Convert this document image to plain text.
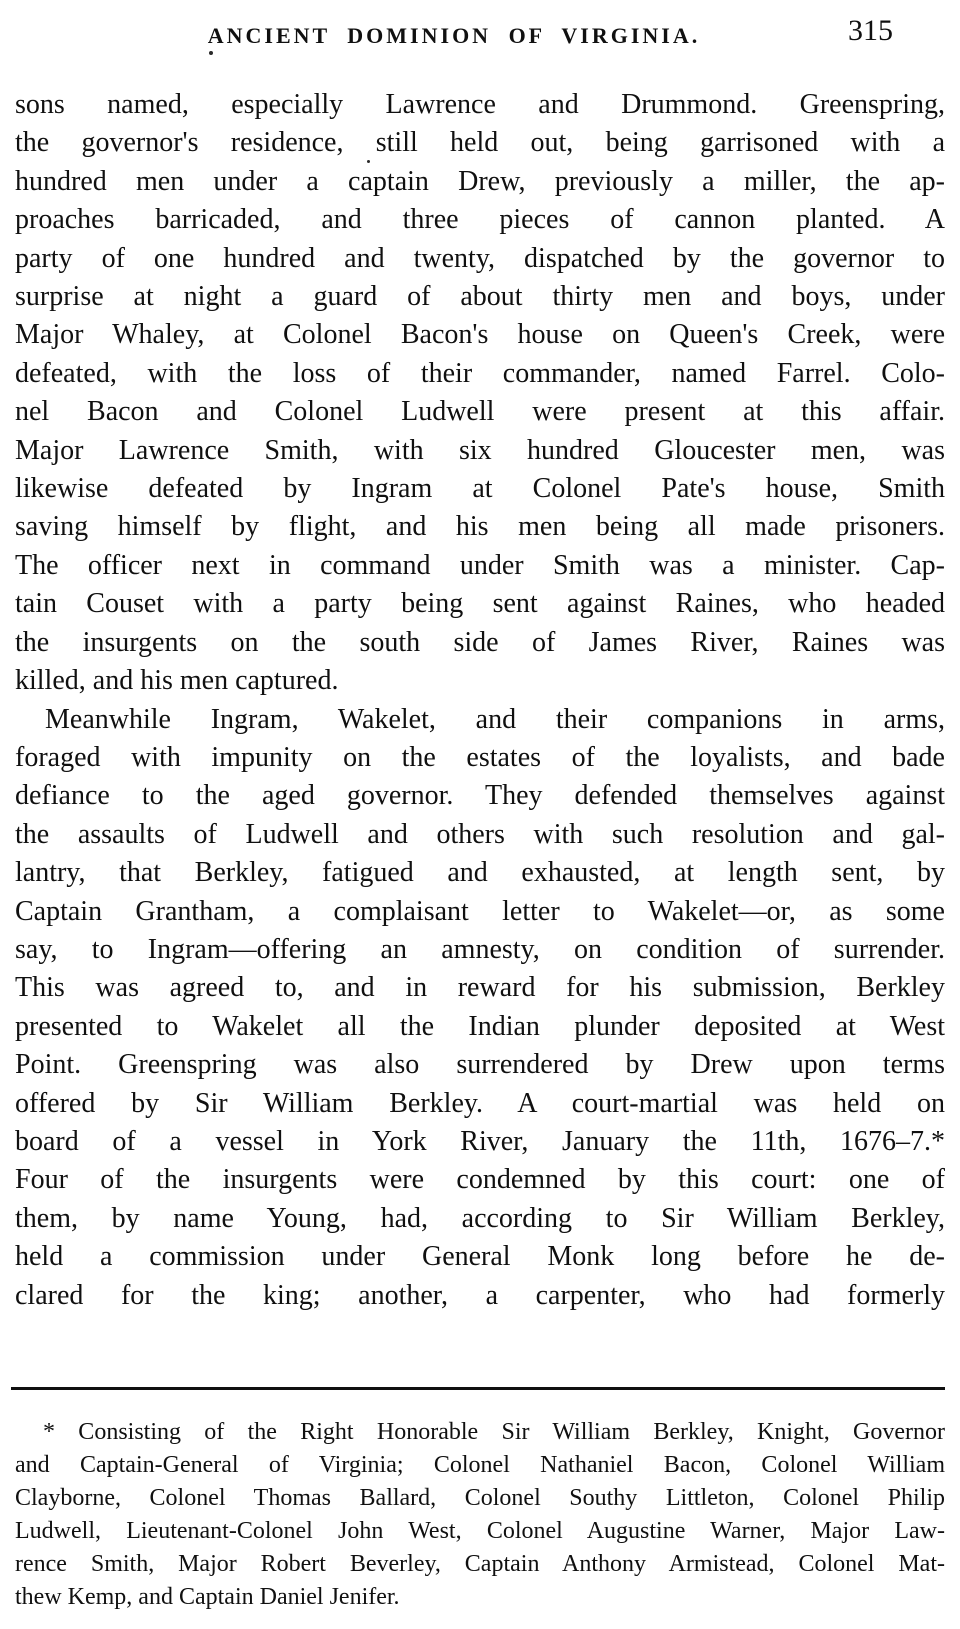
ANCIENT DOMINION OF VIRGINIA.	315
sons named, especially Lawrence and Drummond. Greenspring,
the governor's residence, still held out, being garrisoned with a
hundred men under a captain Drew, previously a miller, the ap-
proaches barricaded, and three pieces of cannon planted. A
party of one hundred and twenty, dispatched by the governor to
surprise at night a guard of about thirty men and boys, under
Major Whaley, at Colonel Bacon's house on Queen's Creek, were
defeated, with the loss of their commander, named Farrel. Colo-
nel Bacon and Colonel Ludwell were present at this affair.
Major Lawrence Smith, with six hundred Gloucester men, was
likewise defeated by Ingram at Colonel Pate's house, Smith
saving himself by flight, and his men being all made prisoners.
The officer next in command under Smith was a minister. Cap-
tain Couset with a party being sent against Raines, who headed
the insurgents on the south side of James River, Raines was
killed, and his men captured.
Meanwhile Ingram, Wakelet, and their companions in arms,
foraged with impunity on the estates of the loyalists, and bade
defiance to the aged governor. They defended themselves against
the assaults of Ludwell and others with such resolution and gal-
lantry, that Berkley, fatigued and exhausted, at length sent, by
Captain Grantham, a complaisant letter to Wakelet—or, as some
say, to Ingram—offering an amnesty, on condition of surrender.
This was agreed to, and in reward for his submission, Berkley
presented to Wakelet all the Indian plunder deposited at West
Point. Greenspring was also surrendered by Drew upon terms
offered by Sir William Berkley. A court-martial was held on
board of a vessel in York River, January the 11th, 1676–7.*
Four of the insurgents were condemned by this court: one of
them, by name Young, had, according to Sir William Berkley,
held a commission under General Monk long before he de-
clared for the king; another, a carpenter, who had formerly
* Consisting of the Right Honorable Sir William Berkley, Knight, Governor
and Captain-General of Virginia; Colonel Nathaniel Bacon, Colonel William
Clayborne, Colonel Thomas Ballard, Colonel Southy Littleton, Colonel Philip
Ludwell, Lieutenant-Colonel John West, Colonel Augustine Warner, Major Law-
rence Smith, Major Robert Beverley, Captain Anthony Armistead, Colonel Mat-
thew Kemp, and Captain Daniel Jenifer.
